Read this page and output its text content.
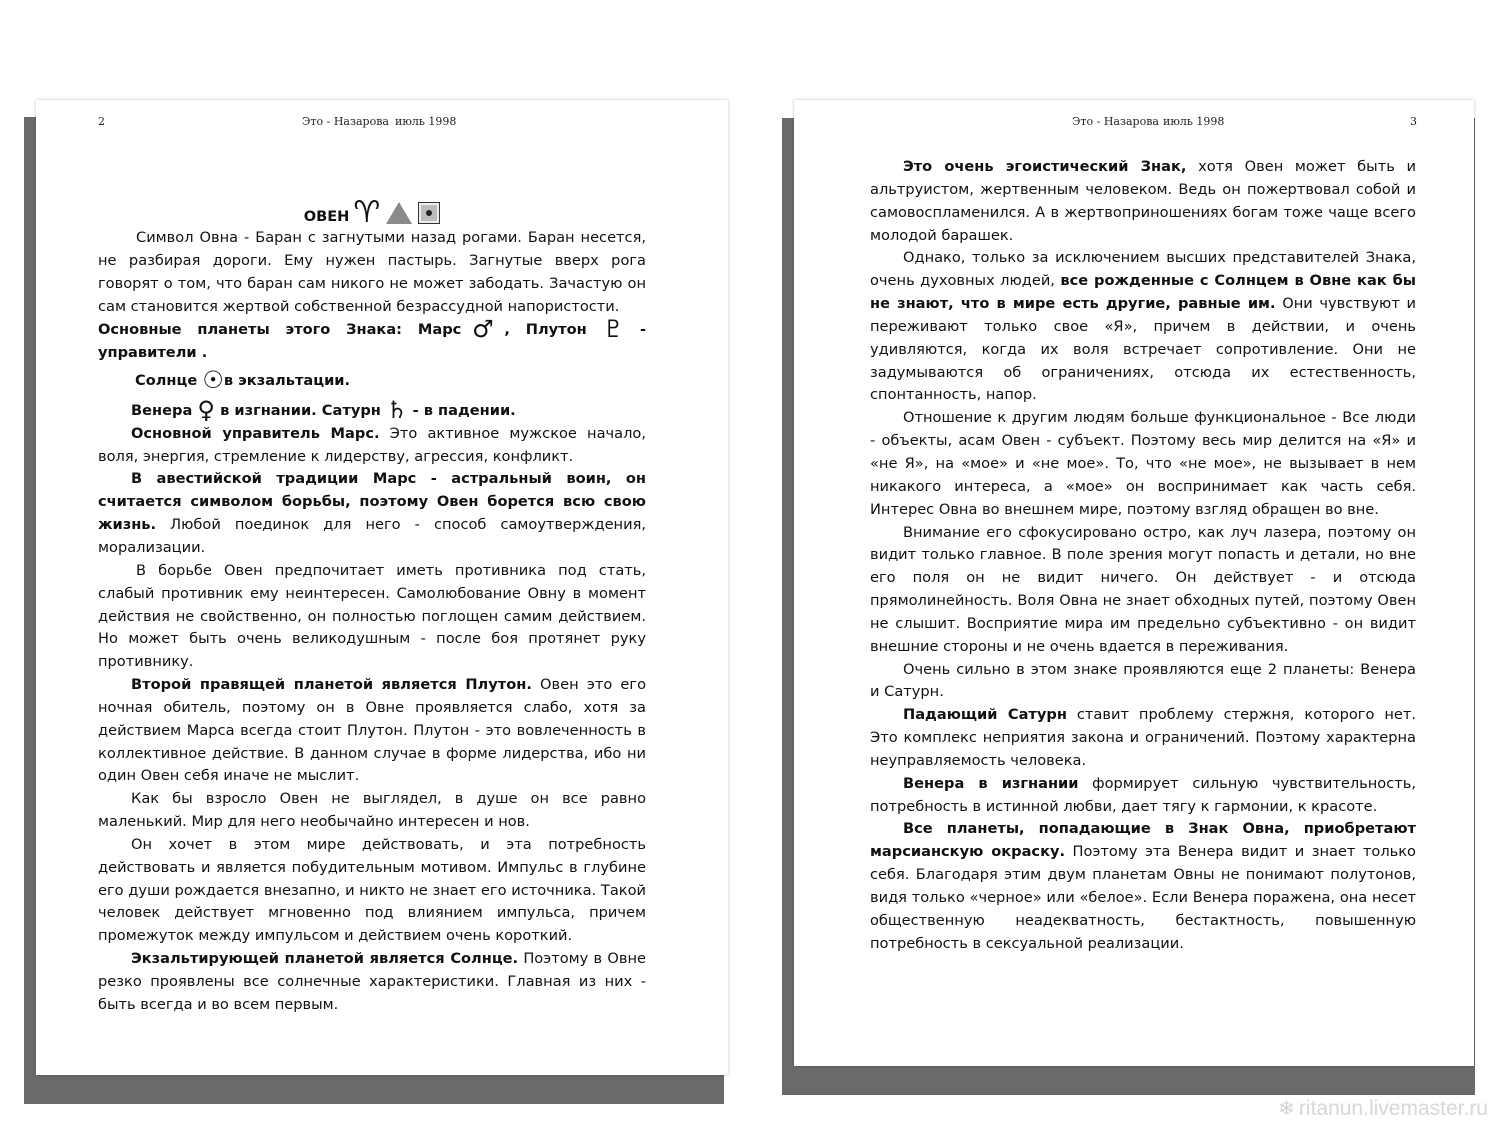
2	Это - Назарова июль 1998
ОВЕН ♈

Символ Овна - Баран с загнутыми назад рогами. Баран несется, не разбирая дороги. Ему нужен пастырь. Загнутые вверх рога говорят о том, что баран сам никого не может забодать. Зачастую он сам становится жертвой собственной безрассудной напористости.

Основные планеты этого Знака: Марс♂, Плутон ♇ - управители .

Солнце ☉в экзальтации.

Венера ♀ в изгнании. Сатурн ♄ - в падении.

Основной управитель Марс. Это активное мужское начало, воля, энергия, стремление к лидерству, агрессия, конфликт.

В авестийской традиции Марс - астральный воин, он считается символом борьбы, поэтому Овен борется всю свою жизнь. Любой поединок для него - способ самоутверждения, морализации.

В борьбе Овен предпочитает иметь противника под стать, слабый противник ему неинтересен. Самолюбование Овну в момент действия не свойственно, он полностью поглощен самим действием. Но может быть очень великодушным - после боя протянет руку противнику.

Второй правящей планетой является Плутон. Овен это его ночная обитель, поэтому он в Овне проявляется слабо, хотя за действием Марса всегда стоит Плутон. Плутон - это вовлеченность в коллективное действие. В данном случае в форме лидерства, ибо ни один Овен себя иначе не мыслит.

Как бы взросло Овен не выглядел, в душе он все равно маленький. Мир для него необычайно интересен и нов.

Он хочет в этом мире действовать, и эта потребность действовать и является побудительным мотивом. Импульс в глубине его души рождается внезапно, и никто не знает его источника. Такой человек действует мгновенно под влиянием импульса, причем промежуток между импульсом и действием очень короткий.

Экзальтирующей планетой является Солнце. Поэтому в Овне резко проявлены все солнечные характеристики. Главная из них - быть всегда и во всем первым.

Это - Назарова июль 1998	3

Это очень эгоистический Знак, хотя Овен может быть и альтруистом, жертвенным человеком. Ведь он пожертвовал собой и самовоспламенился. А в жертвоприношениях богам тоже чаще всего молодой барашек.

Однако, только за исключением высших представителей Знака, очень духовных людей, все рожденные с Солнцем в Овне как бы не знают, что в мире есть другие, равные им. Они чувствуют и переживают только свое «Я», причем в действии, и очень удивляются, когда их воля встречает сопротивление. Они не задумываются об ограничениях, отсюда их естественность, спонтанность, напор.

Отношение к другим людям больше функциональное - Все люди - объекты, асам Овен - субъект. Поэтому весь мир делится на «Я» и «не Я», на «мое» и «не мое». То, что «не мое», не вызывает в нем никакого интереса, а «мое» он воспринимает как часть себя. Интерес Овна во внешнем мире, поэтому взгляд обращен во вне.

Внимание его сфокусировано остро, как луч лазера, поэтому он видит только главное. В поле зрения могут попасть и детали, но вне его поля он не видит ничего. Он действует - и отсюда прямолинейность. Воля Овна не знает обходных путей, поэтому Овен не слышит. Восприятие мира им предельно субъективно - он видит внешние стороны и не очень вдается в переживания.

Очень сильно в этом знаке проявляются еще 2 планеты: Венера и Сатурн.

Падающий Сатурн ставит проблему стержня, которого нет. Это комплекс неприятия закона и ограничений. Поэтому характерна неуправляемость человека.

Венера в изгнании формирует сильную чувствительность, потребность в истинной любви, дает тягу к гармонии, к красоте.

Все планеты, попадающие в Знак Овна, приобретают марсианскую окраску. Поэтому эта Венера видит и знает только себя. Благодаря этим двум планетам Овны не понимают полутонов, видя только «черное» или «белое». Если Венера поражена, она несет общественную неадекватность, бестактность, повышенную потребность в сексуальной реализации.

❄ ritanun.livemaster.ru
